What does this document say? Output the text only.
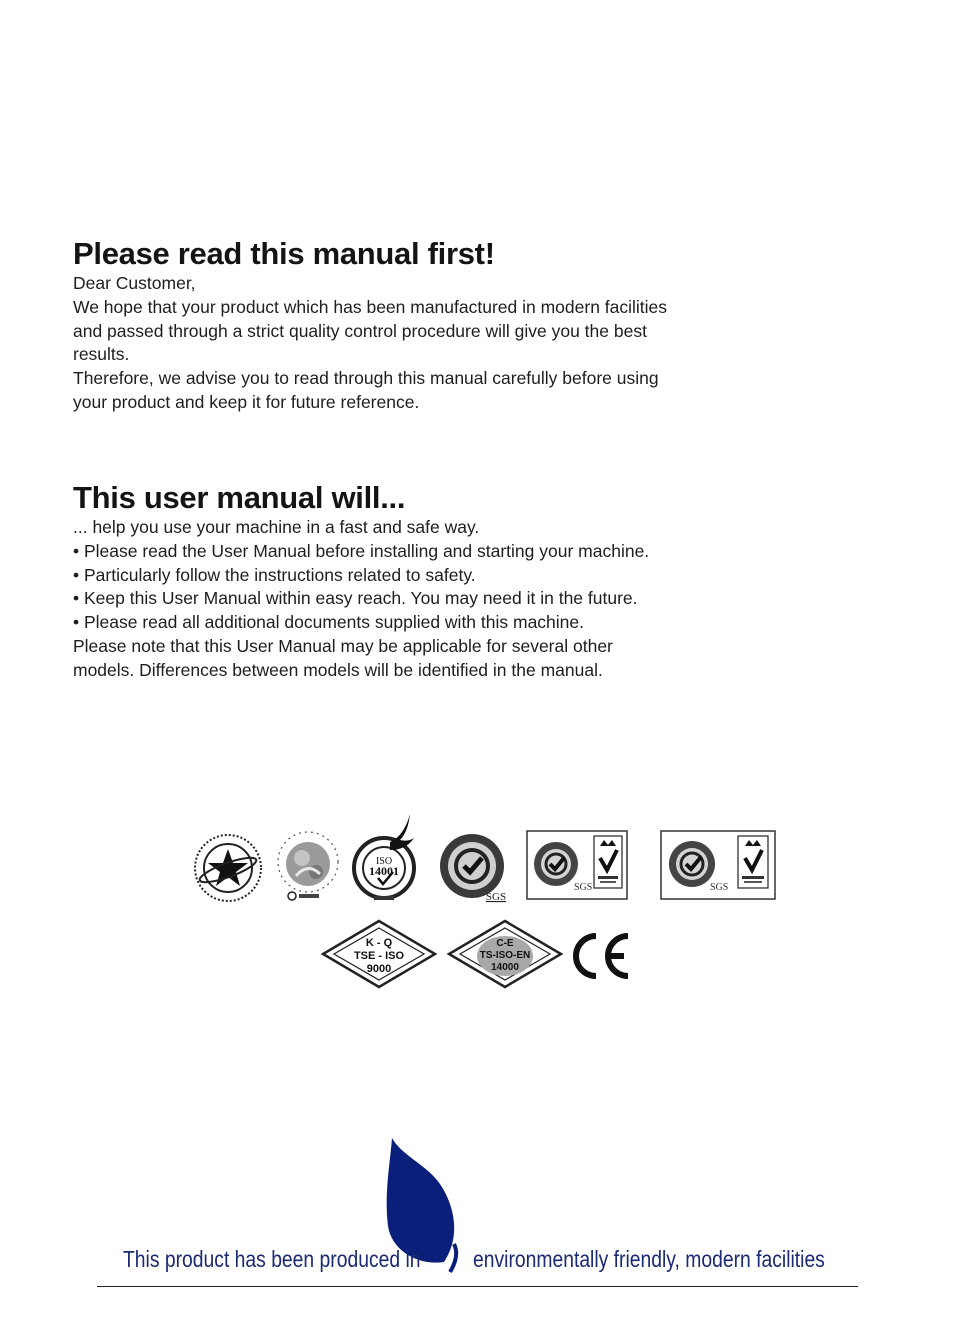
Please read this manual first!

Dear Customer,

We hope that your product which has been manufactured in modern facilities

and passed through a strict quality control procedure will give you the best

results.

Therefore, we advise you to read through this manual carefully before using

your product and keep it for future reference.

This user manual will...

... help you use your machine in a fast and safe way.

• Please read the User Manual before installing and starting your machine.

• Particularly follow the instructions related to safety.

• Keep this User Manual within easy reach. You may need it in the future.

• Please read all additional documents supplied with this machine.

Please note that this User Manual may be applicable for several other

models. Differences between models will be identified in the manual.

ISO
14001
SGS
SGS	SGS
K - Q
TSE - ISO
9000
C-E
TS-ISO-EN
14000
This product has been produced in environmentally friendly, modern facilities
